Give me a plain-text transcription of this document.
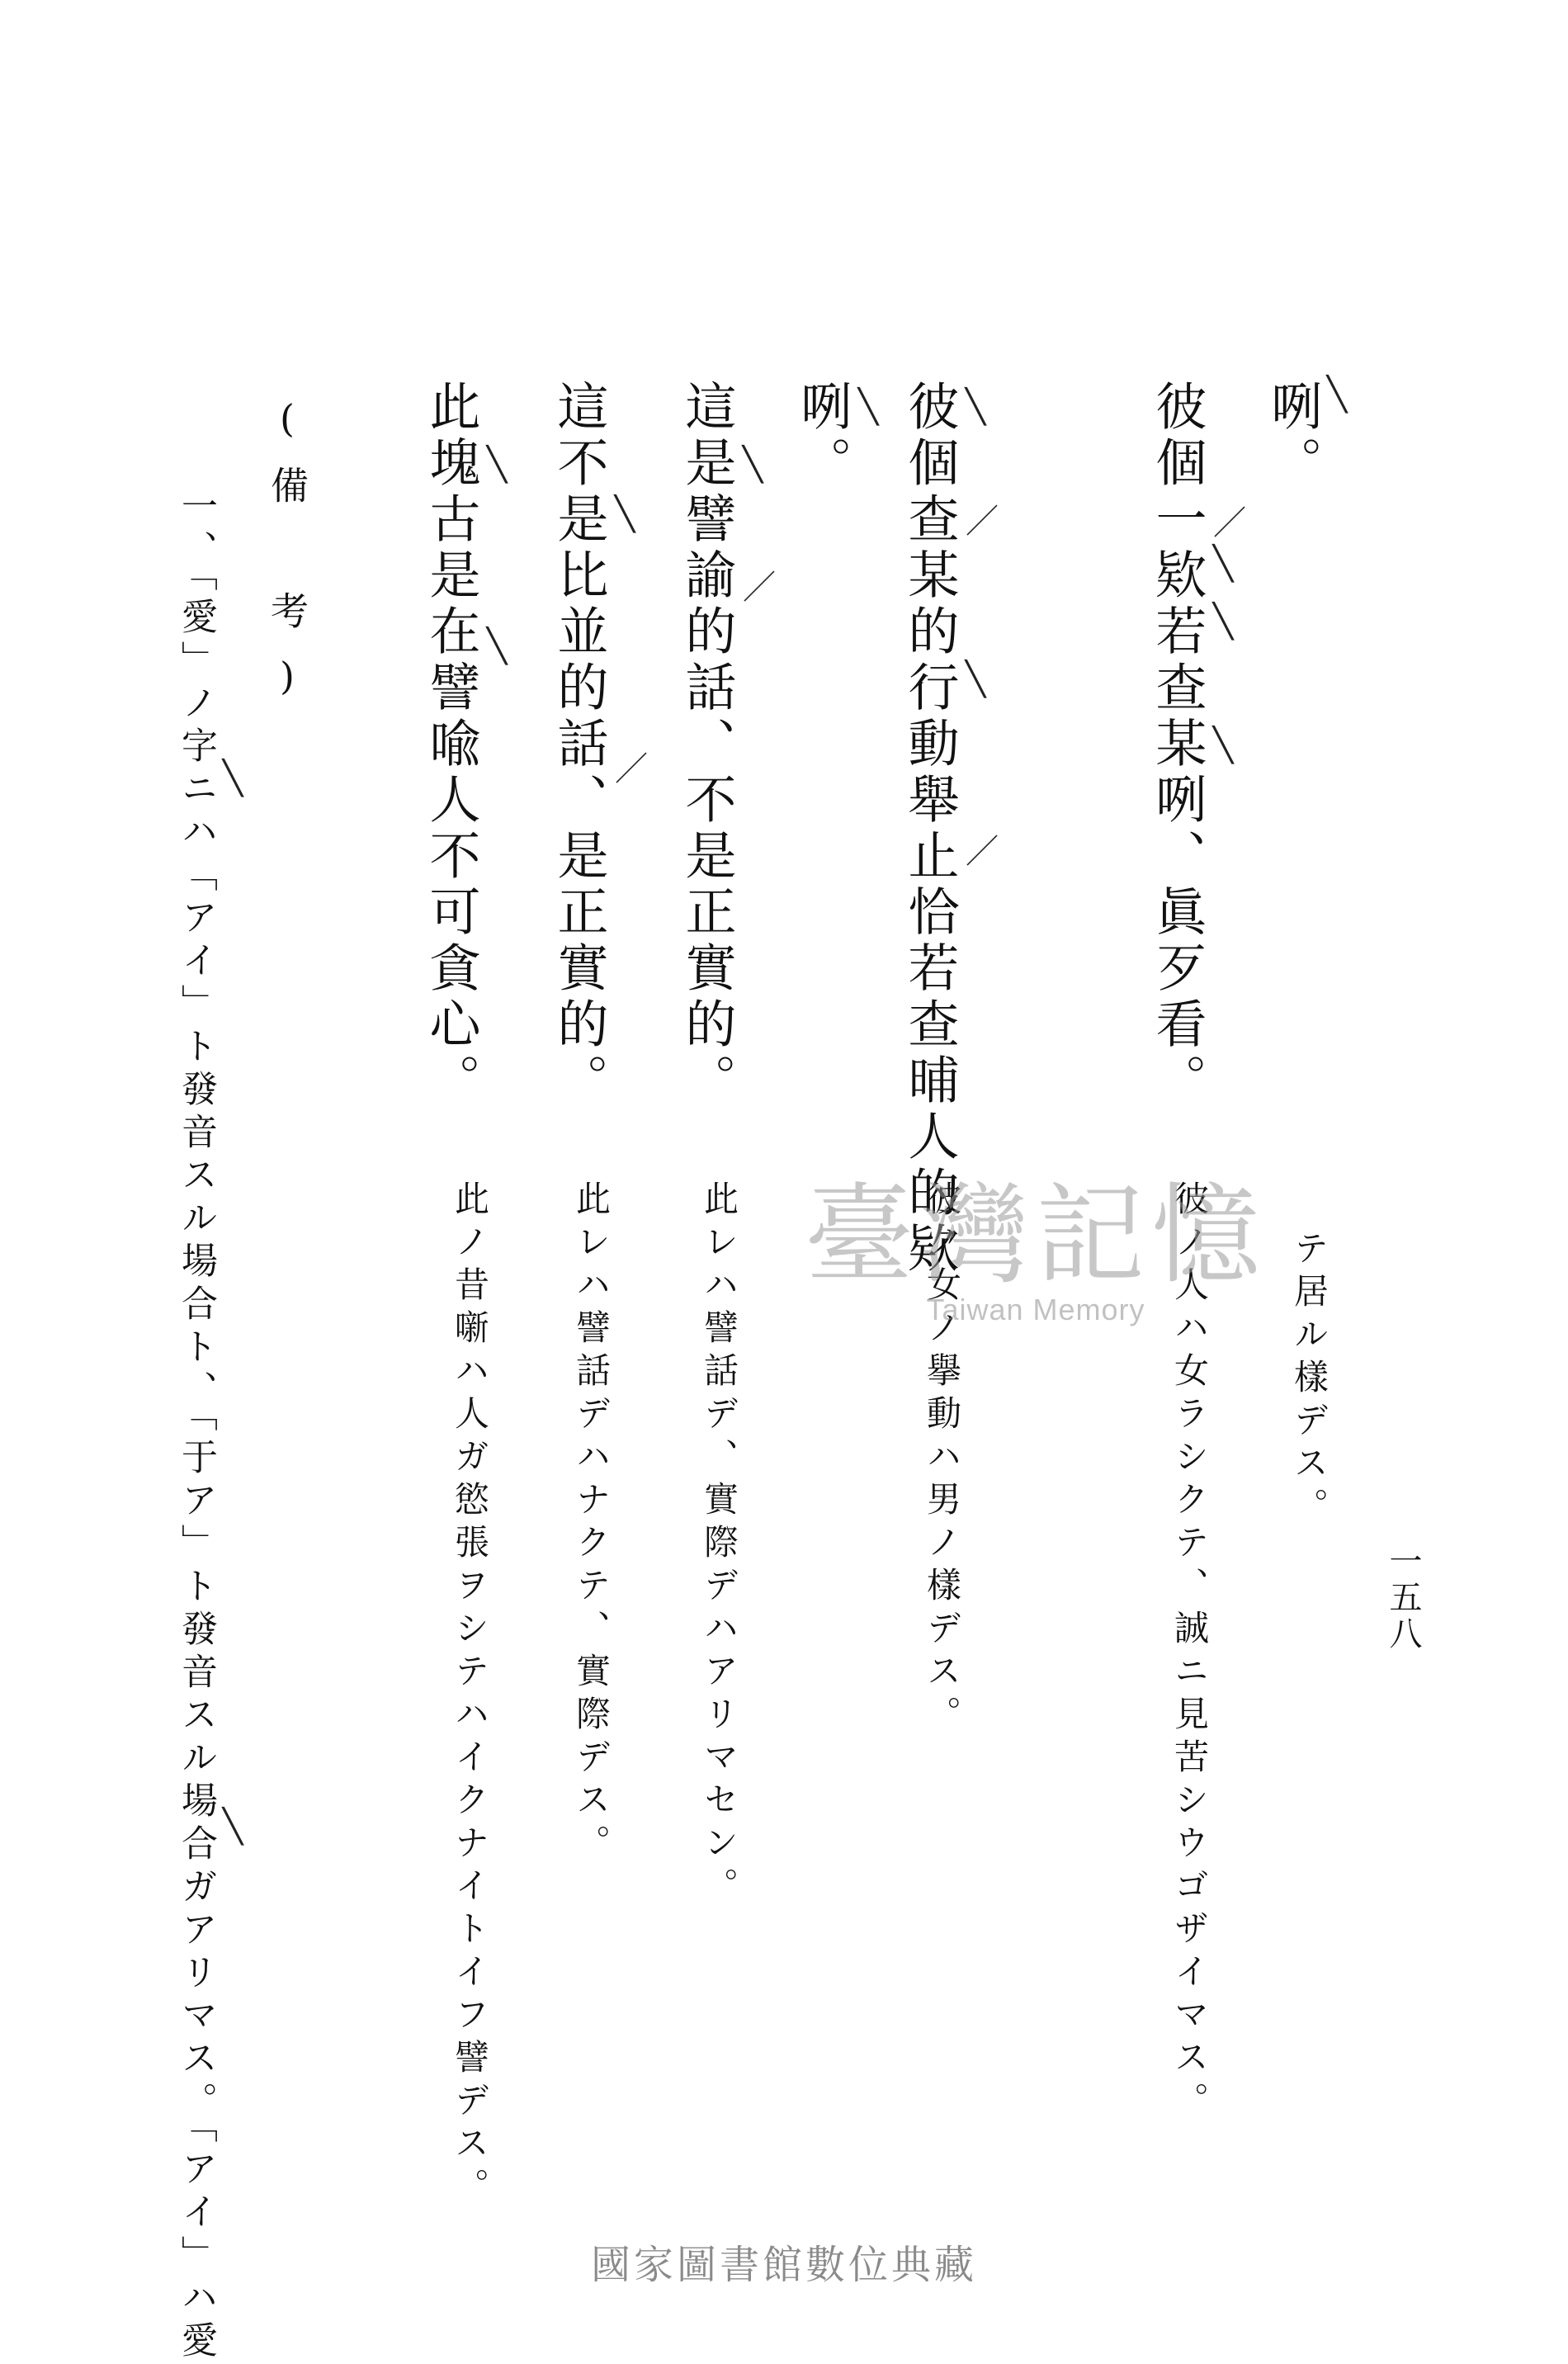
一五八
テ居ル樣デス。
彼ノ人ハ女ラシクテ、誠ニ見苦シウゴザイマス。
彼ノ女ノ擧動ハ男ノ樣デス。
此レハ譬話デ、實際デハアリマセン。
此レハ譬話デハナクテ、實際デス。
此ノ昔噺ハ人ガ慾張ヲシテハイクナイトイフ譬デス。
咧。
彼個一欵若查某咧、眞歹看。
彼個查某的行動舉止恰若查晡人的欵
咧。
這是譬諭的話、不是正實的。
這不是比並的話、是正實的。
此塊古是在譬喩人不可貪心。
(備　考)
一、「愛」ノ字ニハ「アイ」ト發音スル場合ト、「于ア」ト發音スル場合ガアリマス。「アイ」ハ愛
╲
／
╲
╲
╲
╲
／
╲
／
╲
╲
／
╲
／
╲
╲
╲
╲
臺灣記憶
Taiwan Memory
國家圖書館數位典藏
